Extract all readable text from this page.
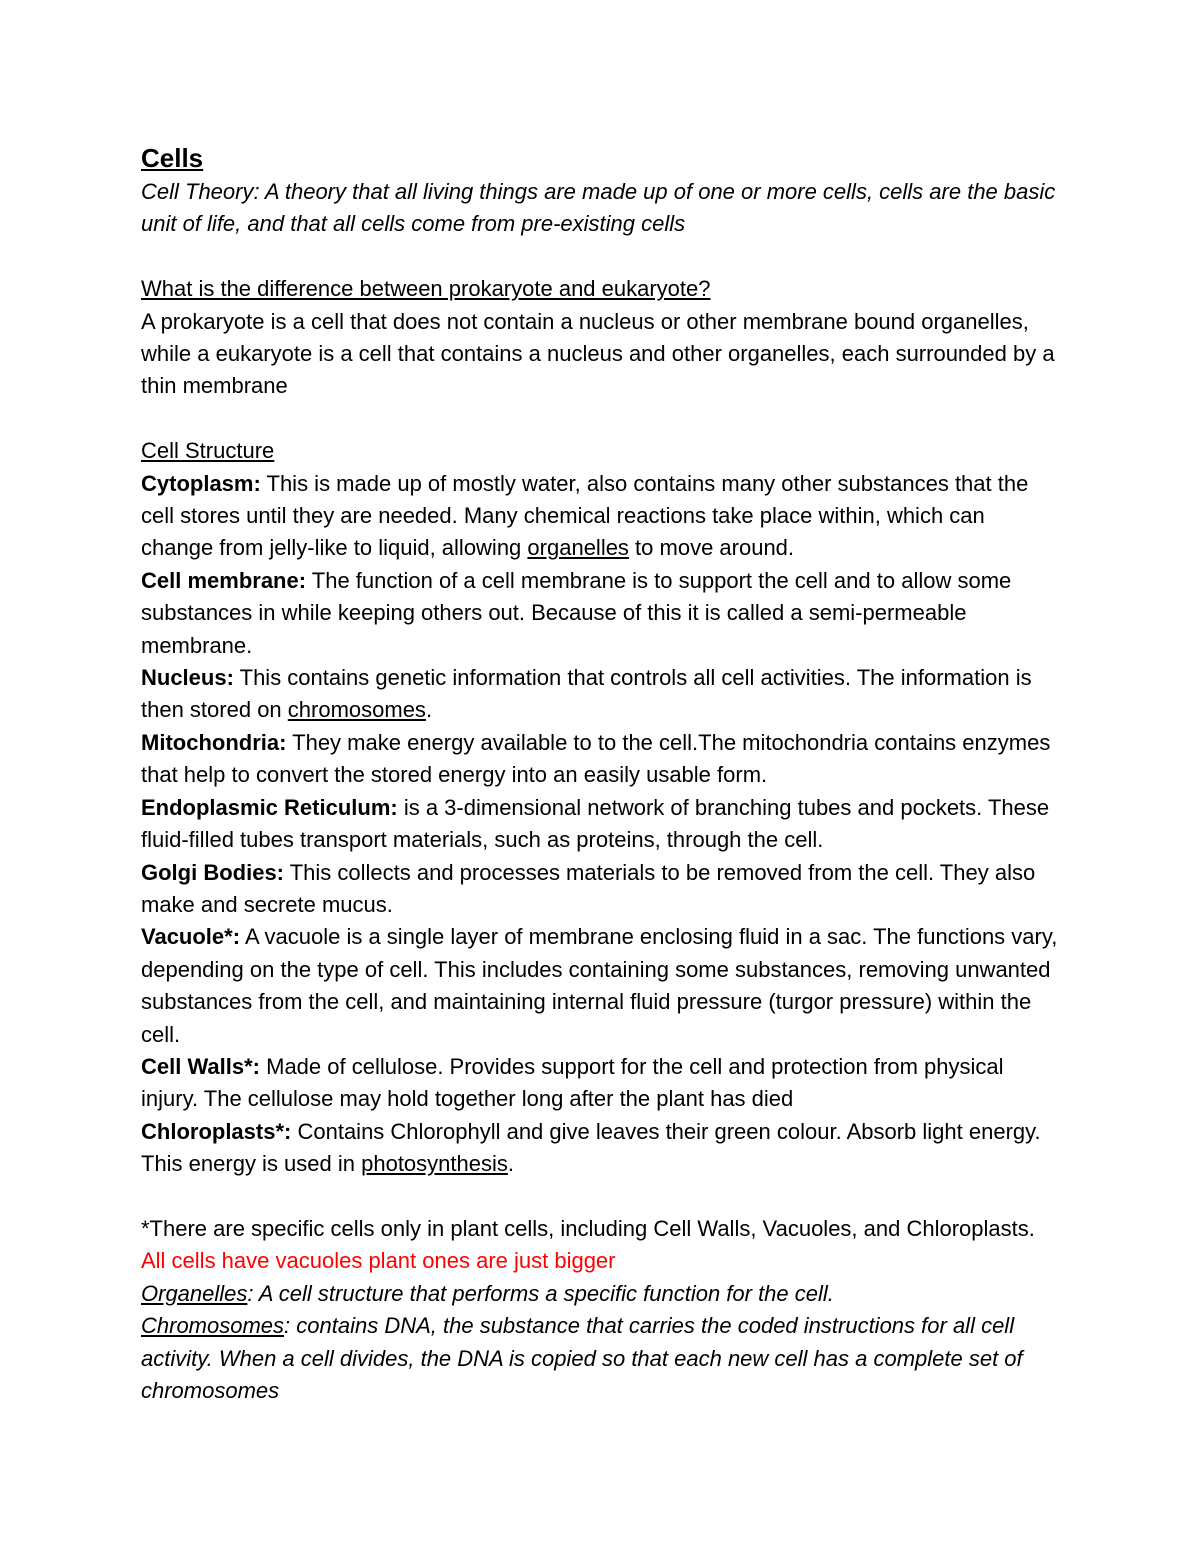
Cells

Cell Theory: A theory that all living things are made up of one or more cells, cells are the basic unit of life, and that all cells come from pre-existing cells

What is the difference between prokaryote and eukaryote?

A prokaryote is a cell that does not contain a nucleus or other membrane bound organelles, while a eukaryote is a cell that contains a nucleus and other organelles, each surrounded by a thin membrane

Cell Structure

Cytoplasm: This is made up of mostly water, also contains many other substances that the cell stores until they are needed. Many chemical reactions take place within, which can change from jelly-like to liquid, allowing organelles to move around.

Cell membrane: The function of a cell membrane is to support the cell and to allow some substances in while keeping others out. Because of this it is called a semi-permeable membrane.

Nucleus: This contains genetic information that controls all cell activities. The information is then stored on chromosomes.

Mitochondria: They make energy available to to the cell.The mitochondria contains enzymes that help to convert the stored energy into an easily usable form.

Endoplasmic Reticulum: is a 3-dimensional network of branching tubes and pockets. These fluid-filled tubes transport materials, such as proteins, through the cell.

Golgi Bodies: This collects and processes materials to be removed from the cell. They also make and secrete mucus.

Vacuole*: A vacuole is a single layer of membrane enclosing fluid in a sac. The functions vary, depending on the type of cell. This includes containing some substances, removing unwanted substances from the cell, and maintaining internal fluid pressure (turgor pressure) within the cell.

Cell Walls*: Made of cellulose. Provides support for the cell and protection from physical injury. The cellulose may hold together long after the plant has died

Chloroplasts*: Contains Chlorophyll and give leaves their green colour. Absorb light energy. This energy is used in photosynthesis.

*There are specific cells only in plant cells, including Cell Walls, Vacuoles, and Chloroplasts. All cells have vacuoles plant ones are just bigger

Organelles: A cell structure that performs a specific function for the cell.

Chromosomes: contains DNA, the substance that carries the coded instructions for all cell activity. When a cell divides, the DNA is copied so that each new cell has a complete set of chromosomes
